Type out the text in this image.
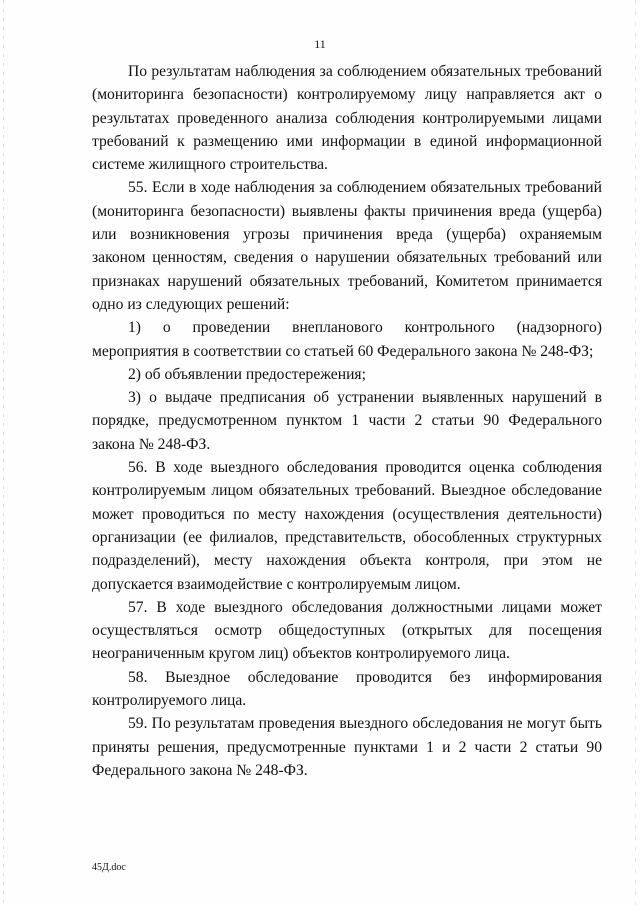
11

По результатам наблюдения за соблюдением обязательных требований (мониторинга безопасности) контролируемому лицу направляется акт о результатах проведенного анализа соблюдения контролируемыми лицами требований к размещению ими информации в единой информационной системе жилищного строительства.

55. Если в ходе наблюдения за соблюдением обязательных требований (мониторинга безопасности) выявлены факты причинения вреда (ущерба) или возникновения угрозы причинения вреда (ущерба) охраняемым законом ценностям, сведения о нарушении обязательных требований или признаках нарушений обязательных требований, Комитетом принимается одно из следующих решений:

1) о проведении внепланового контрольного (надзорного) мероприятия в соответствии со статьей 60 Федерального закона № 248-ФЗ;

2) об объявлении предостережения;

3) о выдаче предписания об устранении выявленных нарушений в порядке, предусмотренном пунктом 1 части 2 статьи 90 Федерального закона № 248-ФЗ.

56. В ходе выездного обследования проводится оценка соблюдения контролируемым лицом обязательных требований. Выездное обследование может проводиться по месту нахождения (осуществления деятельности) организации (ее филиалов, представительств, обособленных структурных подразделений), месту нахождения объекта контроля, при этом не допускается взаимодействие с контролируемым лицом.

57. В ходе выездного обследования должностными лицами может осуществляться осмотр общедоступных (открытых для посещения неограниченным кругом лиц) объектов контролируемого лица.

58. Выездное обследование проводится без информирования контролируемого лица.

59. По результатам проведения выездного обследования не могут быть приняты решения, предусмотренные пунктами 1 и 2 части 2 статьи 90 Федерального закона № 248-ФЗ.

45Д.doc
